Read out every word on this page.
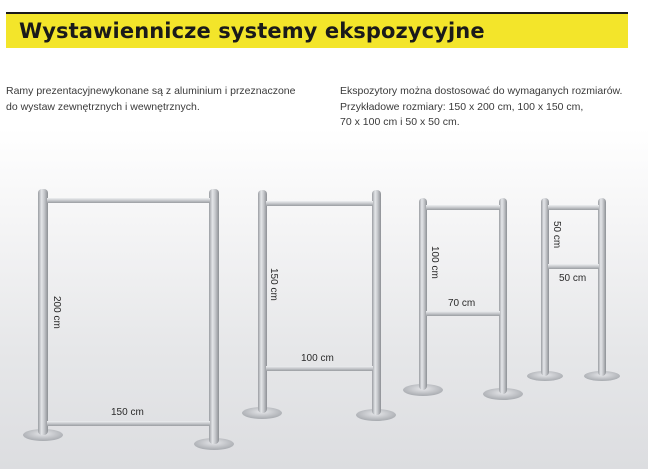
Wystawiennicze systemy ekspozycyjne

Ramy prezentacyjnewykonane są z aluminium i przeznaczone

do wystaw zewnętrznych i wewnętrznych.

Ekspozytory można dostosować do wymaganych rozmiarów.

Przykładowe rozmiary: 150 x 200 cm, 100 x 150 cm,

70 x 100 cm i 50 x 50 cm.

200 cm
150 cm
150 cm
100 cm
100 cm
70 cm
50 cm
50 cm
